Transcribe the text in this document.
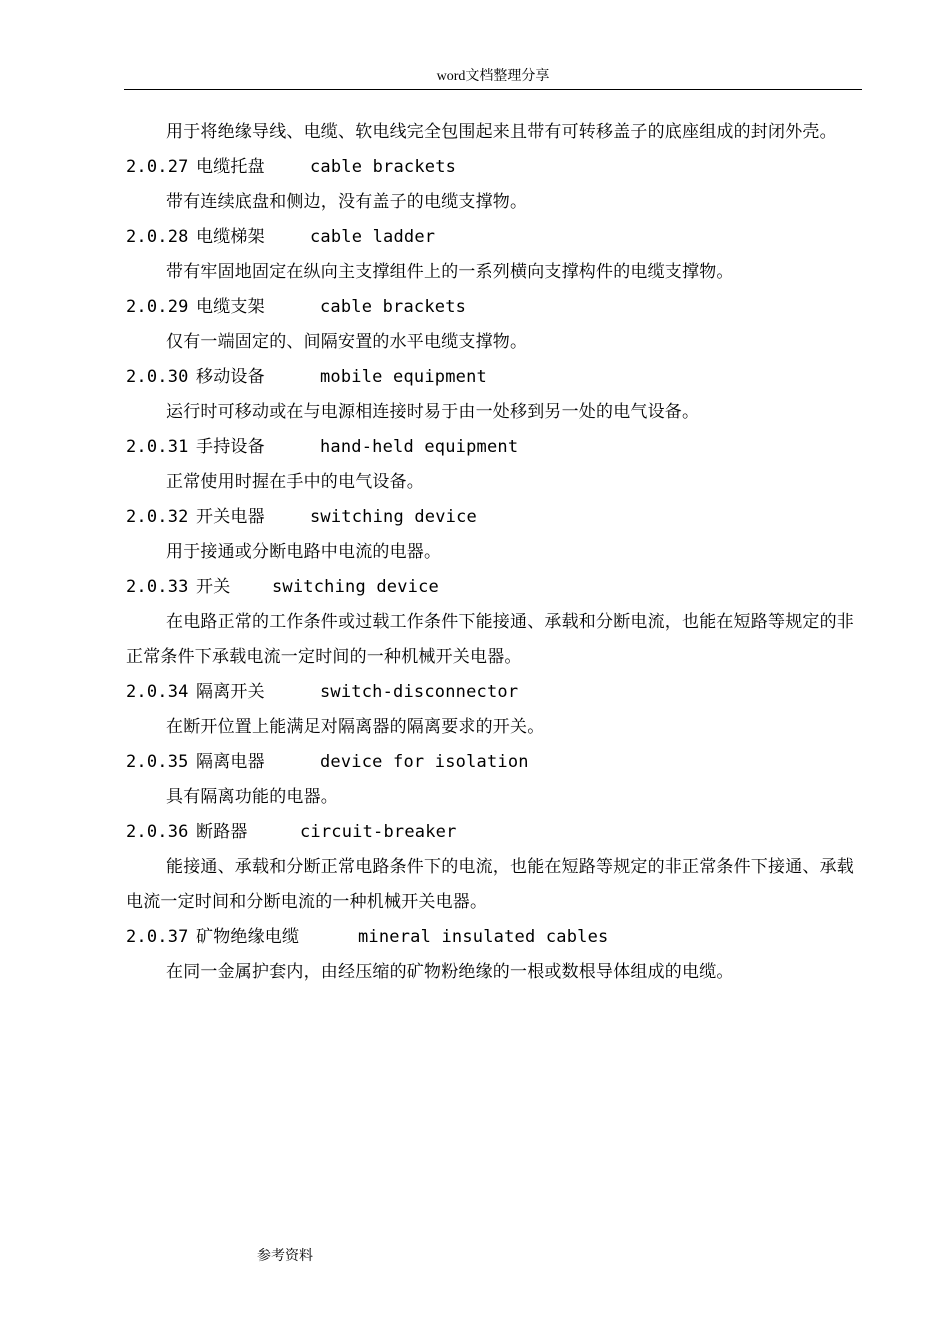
word文档整理分享

用于将绝缘导线、电缆、软电线完全包围起来且带有可转移盖子的底座组成的封闭外壳。

2.0.27 电缆托盘	cable brackets

带有连续底盘和侧边，没有盖子的电缆支撑物。

2.0.28 电缆梯架	cable ladder

带有牢固地固定在纵向主支撑组件上的一系列横向支撑构件的电缆支撑物。

2.0.29 电缆支架	cable brackets

仅有一端固定的、间隔安置的水平电缆支撑物。

2.0.30 移动设备	mobile equipment

运行时可移动或在与电源相连接时易于由一处移到另一处的电气设备。

2.0.31 手持设备	hand-held equipment

正常使用时握在手中的电气设备。

2.0.32 开关电器	switching device

用于接通或分断电路中电流的电器。

2.0.33 开关 switching device

在电路正常的工作条件或过载工作条件下能接通、承载和分断电流，也能在短路等规定的非正常条件下承载电流一定时间的一种机械开关电器。

2.0.34 隔离开关	switch-disconnector

在断开位置上能满足对隔离器的隔离要求的开关。

2.0.35 隔离电器	device for isolation

具有隔离功能的电器。

2.0.36 断路器	circuit-breaker

能接通、承载和分断正常电路条件下的电流，也能在短路等规定的非正常条件下接通、承载电流一定时间和分断电流的一种机械开关电器。

2.0.37 矿物绝缘电缆	mineral insulated cables

在同一金属护套内，由经压缩的矿物粉绝缘的一根或数根导体组成的电缆。

参考资料
